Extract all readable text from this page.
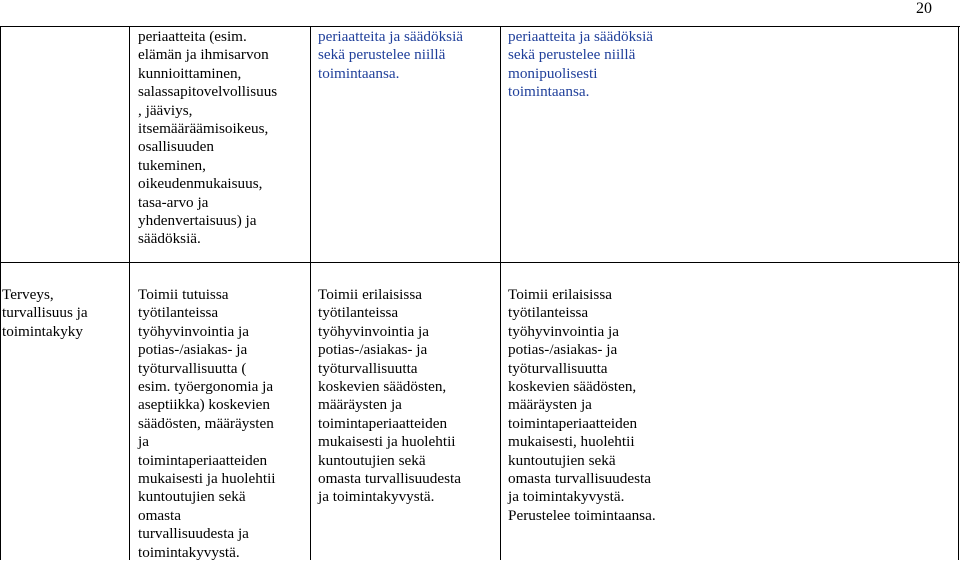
20
periaatteita (esim.
elämän ja ihmisarvon
kunnioittaminen,
salassapitovelvollisuus
, jääviys,
itsemääräämisoikeus,
osallisuuden
tukeminen,
oikeudenmukaisuus,
tasa-arvo ja
yhdenvertaisuus) ja
säädöksiä.
periaatteita ja säädöksiä
sekä perustelee niillä
toimintaansa.
periaatteita ja säädöksiä
sekä perustelee niillä
monipuolisesti
toimintaansa.
Terveys,
turvallisuus ja
toimintakyky
Toimii tutuissa
työtilanteissa
työhyvinvointia ja
potias-/asiakas- ja
työturvallisuutta (
esim. työergonomia ja
aseptiikka) koskevien
säädösten, määräysten
ja
toimintaperiaatteiden
mukaisesti ja huolehtii
kuntoutujien sekä
omasta
turvallisuudesta ja
toimintakyvystä.
Toimii erilaisissa
työtilanteissa
työhyvinvointia ja
potias-/asiakas- ja
työturvallisuutta
koskevien säädösten,
määräysten ja
toimintaperiaatteiden
mukaisesti ja huolehtii
kuntoutujien sekä
omasta turvallisuudesta
ja toimintakyvystä.
Toimii erilaisissa
työtilanteissa
työhyvinvointia ja
potias-/asiakas- ja
työturvallisuutta
koskevien säädösten,
määräysten ja
toimintaperiaatteiden
mukaisesti, huolehtii
kuntoutujien sekä
omasta turvallisuudesta
ja toimintakyvystä.
Perustelee toimintaansa.
